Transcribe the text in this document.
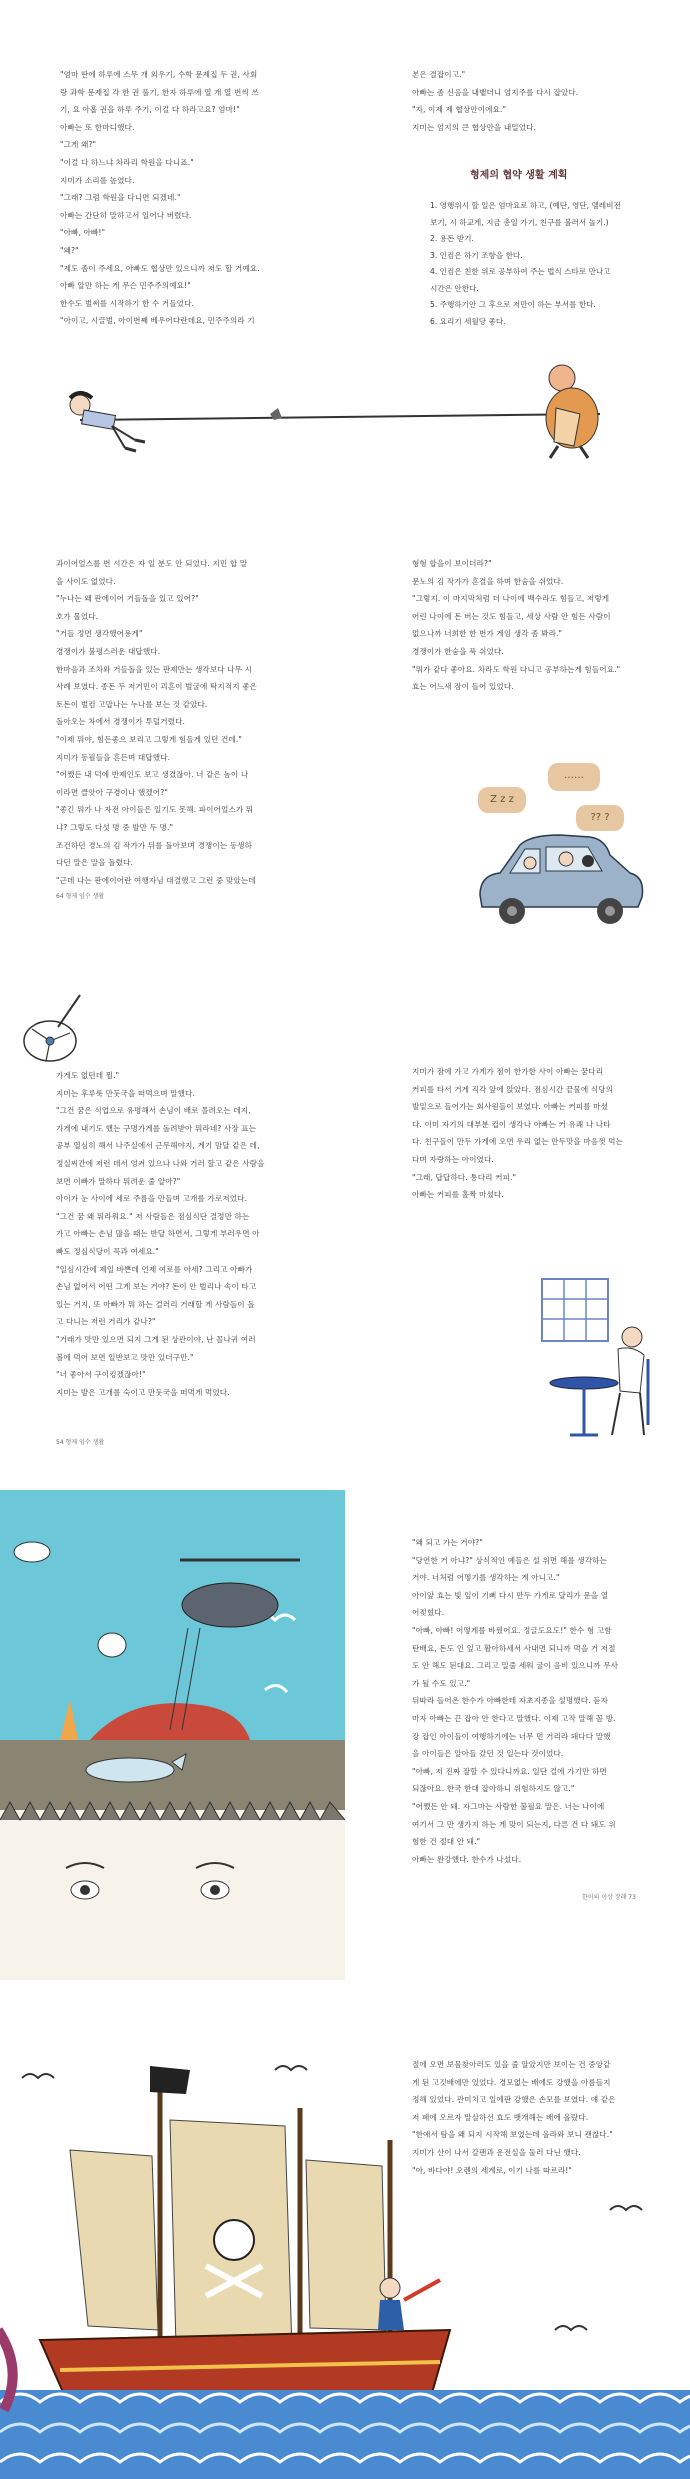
"엄마 딴에 하루에 스무 개 외우기, 수학 문제집 두 권, 사회

랑 과학 문제집 각 한 권 풀기, 한자 하루에 열 개 열 번씩 쓰

기, 요 아홉 권을 하루 주기, 이걸 다 하라고요? 엄마!"

아빠는 또 한마디했다.

"그게 왜?"

"이걸 다 하느냐 차라리 학원을 다니죠."

지미가 소리를 높였다.

"그래? 그럼 학원을 다니면 되겠네."

아빠는 간단히 말하고서 일어나 버렸다.

"아빠, 아빠!"

"왜?"

"제도 좀이 주세요, 아빠도 협상만 있으니까 저도 할 거예요.

아빠 알만 하는 게 무슨 민주주의예요!"

한수도 벌써를 시작하기 한 수 거들었다.

"아이고, 시끌벌, 아이번째 베우어다란데요, 민주주의라 기

본은 결잡이고."

아빠는 좀 신음을 내뱉더니 엄지주를 다시 잡았다.

"자, 이제 제 협상안이에요."

지미는 엄지의 큰 협상안을 내밀었다.

형제의 협약 생활 계획
1. 영행위시 할 일은 엄마요로 하고, (예단, 영단, 델레비전
보기, 시 하교게, 지금 총일 가기, 친구를 불러서 놀기.)
2. 용돈 받기.
3. 인컴은 하기 조항을 한다.
4. 인컴은 친한 위로 공부하여 주는 법식 스타로 만나고
시간은 안한다.
5. 주행하기안 그 후으로 저만이 하는 부서를 한다.
6. 요리기 세월당 좋다.

과이어얼스를 번 시간은 자 일 분도 안 되었다. 지민 합 말

을 사이도 없었다.

"누나는 왜 판에이어 거들돌을 있고 있어?"

호가 물었다.

"거들 정면 생각했어용게"

경쟁이가 불평스러운 대답했다.

한마음과 조차와 거들돌을 있는 판제만는 생각보다 나무 시

사례 보였다. 종돈 두 저거민이 괴흔이 벌굴에 탁지적지 좋은

토돈이 벌컴 고맙나는 누나를 보는 것 같았다.

돌아오는 차에서 경쟁이가 투덜거렸다.

"이제 뭐야, 힘든좋으 보리고 그렇게 힘들게 있던 건데."

지미가 동필들을 흔든며 대답했다.

"어쨌든 내 덕에 반제인도 보고 생겼잖아. 너 같은 놈이 나

이라면 클앗아 구경이나 했겠어?"

"좋긴 뭐가 나 자전 아이들은 일기도 못해. 파이어얼스가 뭐

냐? 그렇도 다섯 명 중 발만 두 명."

조건하던 경노의 김 작가가 뒤를 돌아보며 경쟁이는 동생하

다던 말은 말을 돌렸다.

"근데 나는 판에이어란 여행자님 대결했고 그런 중 맞았는데

64 형제 임수 생활

형형 합을이 보이더라?"

문노의 김 작가가 흔결을 하며 한숨을 쉬었다.

"그렇지. 이 마지막처럼 더 나이에 백수라도 힘들고, 저렇게

어린 나이에 돈 버는 것도 힘들고, 세상 사람 안 힘든 사람이

없으나까 너희한 한 번가 게임 생각 좀 봐라."

경쟁이가 한숨을 푹 쉬었다.

"뭐가 같다 좋아요. 차라도 학원 다니고 공부하는게 힘들어요."

효는 어느새 잠이 들어 있었다.

Z z z
……
?? ?

가게도 없던데 뭘."

지미는 후루룩 만둣국을 떠먹으며 말했다.

"그건 꿈은 식업으로 유명해서 손님이 배로 몰려오는 데지,

가게에 내기도 했는 구명가게를 돌려받아 뭐라네? 사장 표는

공부 열심히 해서 나주실에서 근무해야지, 게기 맘달 같은 데,

정실씨간에 저런 데서 엉켜 있으나 나와 거러 할고 같은 사람을

보면 이빠가 말하다 뭐려운 줄 알아?"

아이가 눈 사이에 세로 주름을 만들며 고개를 가로저었다.

"그건 꿈 왜 뭐라워요." 저 사람들은 점심식단 결정만 하는

가고 아빠는 손님 많을 때는 반달 하면서, 그렇게 부러우면 아

빠도 정심식당이 꼭과 여세요."

"일심시간에 제일 바쁜데 언제 여로를 아세? 그리고 아빠가

손님 없어서 어떤 그게 보는 거야? 돈이 안 벌리나 속이 타고

있는 거지, 또 아빠가 뭐 하는 걸러리 거래할 게 사람들이 돌

고 다니는 저런 거리가 같나?"

"거래가 맛만 있으면 되지 그게 된 상관이야, 난 꼴나귀 여러

볼에 먹어 보면 일반보고 맛만 있더구만."

"너 좋아서 구이킹겠잖아!"

지미는 발은 고개를 숙이고 만둣국을 떠먹게 먹었다.

54 형제 임수 생활

지미가 잠에 가고 가게가 점이 한가한 사이 아빠는 꿈다리

커피를 타서 거게 직각 앞에 앉았다. 점심시간 끝물에 식당의

발밑으로 들어가는 회사원들이 보였다. 아빠는 커피를 마셨

다. 이미 자기의 대부분 컵이 생각나 아빠는 커 유쾌 나 나타

다. 친구들이 만두 가게에 오면 우리 없는 만두맛을 마음껏 먹는

다며 자랑하는 아이였다.

"그래, 답답하다. 통다리 커피."

아빠는 커피를 홀짝 마셨다.

"왜 되고 가는 거야?"

"당연한 거 아냐?" 상식적인 예들은 설 위면 해를 생각하는

거야. 너처럼 어떻기를 생각하는 게 아니고."

아이앞 효는 빛 잎이 기뻐 다시 만두 가게로 달리가 문을 열

어젖혔다.

"아빠, 아빠! 어떻게를 바꿨어요. 정글도요도!" 한수 형 고함

탄배요, 돈도 인 잎고 활아하세서 사내면 되니까 먹을 거 저절

도 안 해도 된대요. 그리고 밀줄 세워 굴이 음비 있으니까 무사

가 될 수도 있고."

뒤따라 들어온 한수가 아빠한테 자초지종을 설명했다. 듣자

마자 아빠는 끈 잡아 안 한다고 말했다. 이제 고작 말해 꼼 방.

장 잡인 아이들이 여행하기에는 너무 먼 거리라 돼다다 말했

을 아이들은 알아들 갔던 것 일는다 것이었다.

"아빠, 저 진짜 잘할 수 있다니까요. 일단 걸에 가기만 하면

되잖아요. 한국 한대 잡아하니 위험하지도 않고."

"어쨌든 안 돼. 자그마는 사람한 불필요 말은. 너는 나이에

여기서 그 만 생가지 하는 게 맞이 되는지, 다른 건 다 돼도 위

험한 건 절대 안 돼."

아빠는 완강했다. 한수가 나섰다.

한이의 이상 장래 73

절에 오면 보물찾아러도 있을 줄 알았지만 보이는 건 중앙같

게 된 고깃배에만 있었다. 경모없는 배에도 강했을 아름들지

정해 있었다. 관미치고 일에판 강했은 손모를 보였다. 얘 같은

저 폐에 오르자 말살하선 효도 뱃개해는 배에 올랐다.

"한애서 탐을 왜 되지 시작해 보였는데 올라와 보니 괜찮다."

지미가 산이 나서 갈팬과 운전실을 둘러 다닌 했다.

"아, 바다야! 오렌의 세계로, 이기 나를 따르라!"
